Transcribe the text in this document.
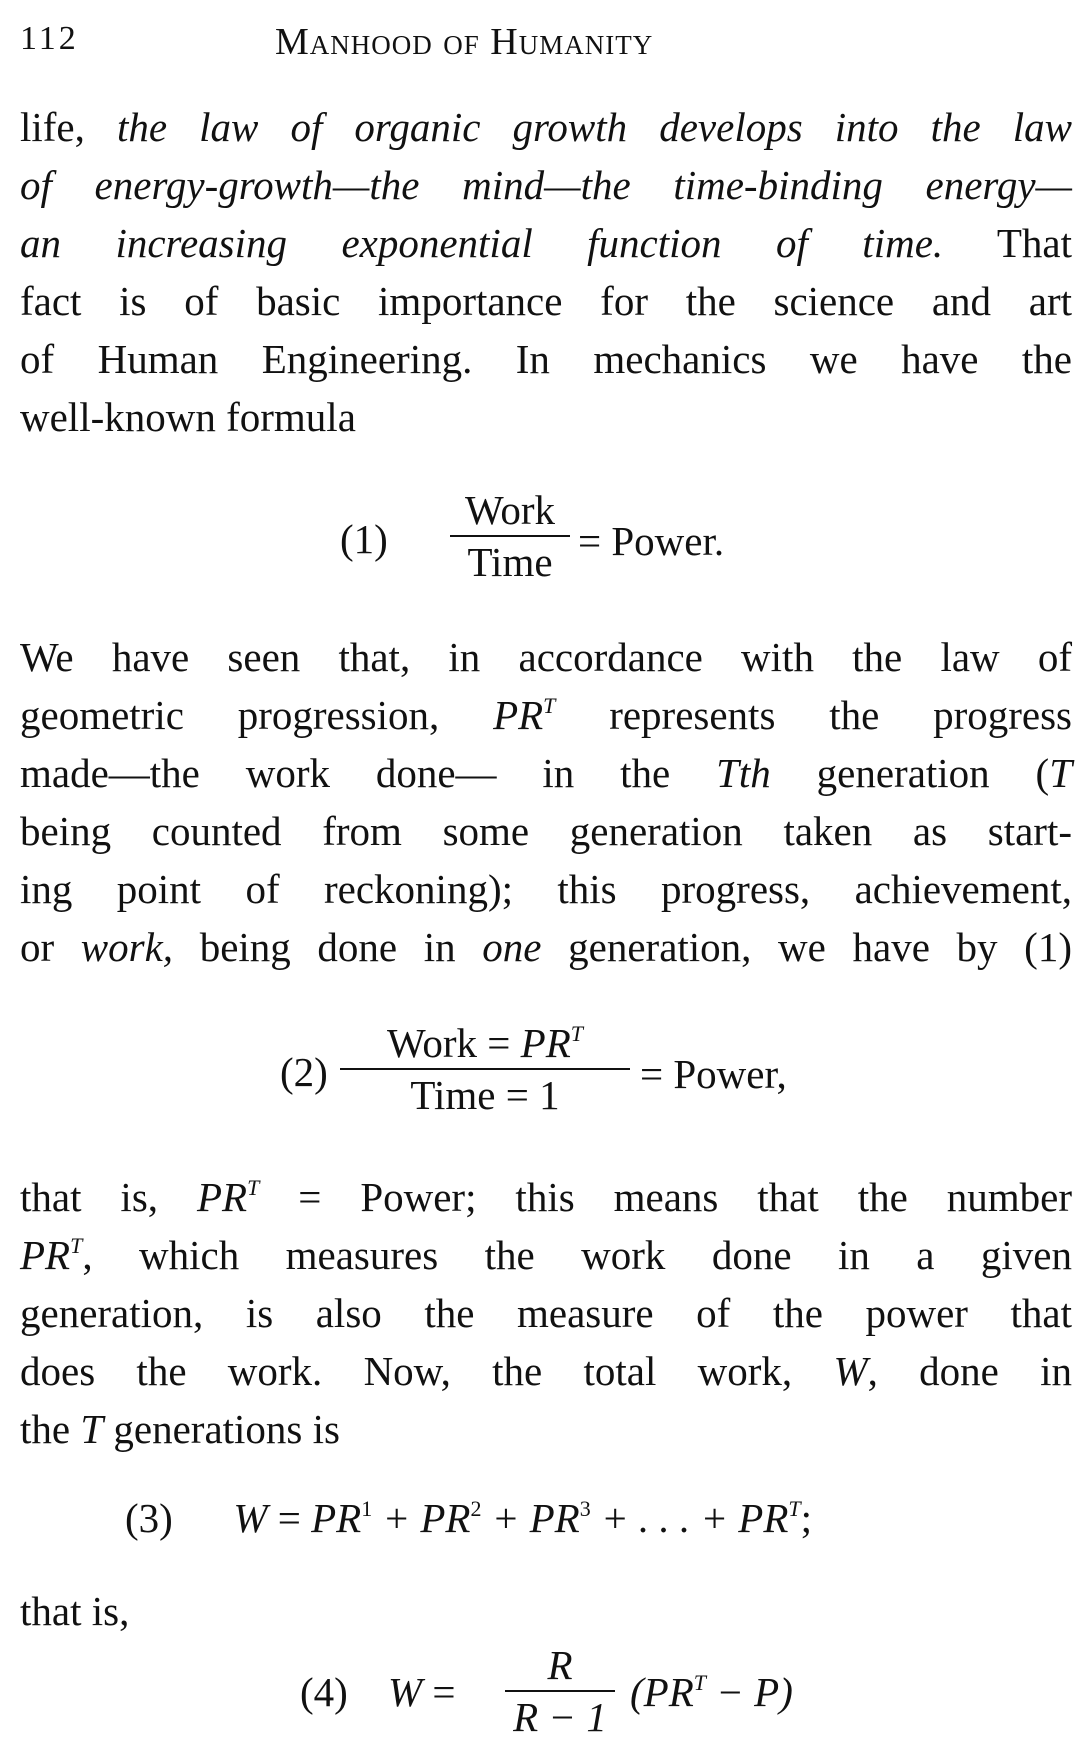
112	Manhood of Humanity
life, the law of organic growth develops into the law
of energy-growth—the mind—the time-binding energy—
an increasing exponential function of time. That
fact is of basic importance for the science and art
of Human Engineering. In mechanics we have the
well-known formula
(1)
Work
Time = Power.
We have seen that, in accordance with the law of
geometric progression, $PR^T$ represents the progress
made—the work done— in the Tth generation (T
being counted from some generation taken as start-
ing point of reckoning); this progress, achievement,
or work, being done in one generation, we have by (1)
(2)
Work = $PR^T$
Time = 1	= Power,
that is, $PR^T$ = Power; this means that the number
$PR^T$, which measures the work done in a given
generation, is also the measure of the power that
does the work. Now, the total work, W, done in
the T generations is
(3) $W = PR^1 + PR^2 + PR^3$ + . . . + $PR^T$;
that is,
(4) W =
R
R − 1
$(PR^T - P)$
